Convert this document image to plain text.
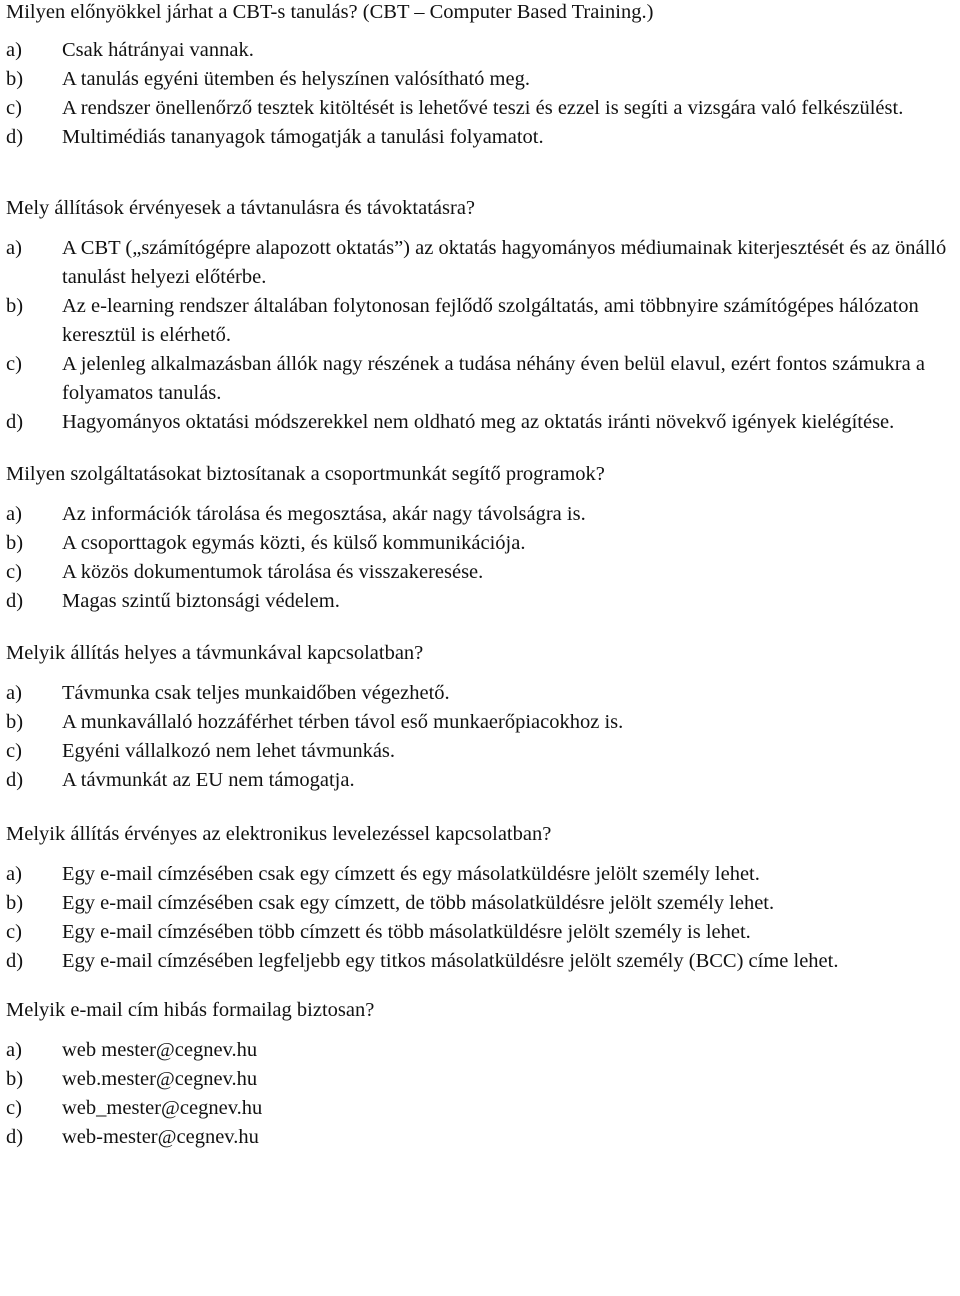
Milyen előnyökkel járhat a CBT-s tanulás? (CBT – Computer Based Training.)

a)	Csak hátrányai vannak.
b)	A tanulás egyéni ütemben és helyszínen valósítható meg.
c)	A rendszer önellenőrző tesztek kitöltését is lehetővé teszi és ezzel is segíti a vizsgára való felkészülést.
d)	Multimédiás tananyagok támogatják a tanulási folyamatot.

Mely állítások érvényesek a távtanulásra és távoktatásra?

a)	A CBT („számítógépre alapozott oktatás”) az oktatás hagyományos médiumainak kiterjesztését és az önálló tanulást helyezi előtérbe.
b)	Az e-learning rendszer általában folytonosan fejlődő szolgáltatás, ami többnyire számítógépes hálózaton keresztül is elérhető.
c)	A jelenleg alkalmazásban állók nagy részének a tudása néhány éven belül elavul, ezért fontos számukra a folyamatos tanulás.
d)	Hagyományos oktatási módszerekkel nem oldható meg az oktatás iránti növekvő igények kielégítése.

Milyen szolgáltatásokat biztosítanak a csoportmunkát segítő programok?

a)	Az információk tárolása és megosztása, akár nagy távolságra is.
b)	A csoporttagok egymás közti, és külső kommunikációja.
c)	A közös dokumentumok tárolása és visszakeresése.
d)	Magas szintű biztonsági védelem.

Melyik állítás helyes a távmunkával kapcsolatban?

a)	Távmunka csak teljes munkaidőben végezhető.
b)	A munkavállaló hozzáférhet térben távol eső munkaerőpiacokhoz is.
c)	Egyéni vállalkozó nem lehet távmunkás.
d)	A távmunkát az EU nem támogatja.

Melyik állítás érvényes az elektronikus levelezéssel kapcsolatban?

a)	Egy e-mail címzésében csak egy címzett és egy másolatküldésre jelölt személy lehet.
b)	Egy e-mail címzésében csak egy címzett, de több másolatküldésre jelölt személy lehet.
c)	Egy e-mail címzésében több címzett és több másolatküldésre jelölt személy is lehet.
d)	Egy e-mail címzésében legfeljebb egy titkos másolatküldésre jelölt személy (BCC) címe lehet.

Melyik e-mail cím hibás formailag biztosan?

a)	web mester@cegnev.hu
b)	web.mester@cegnev.hu
c)	web_mester@cegnev.hu
d)	web-mester@cegnev.hu
